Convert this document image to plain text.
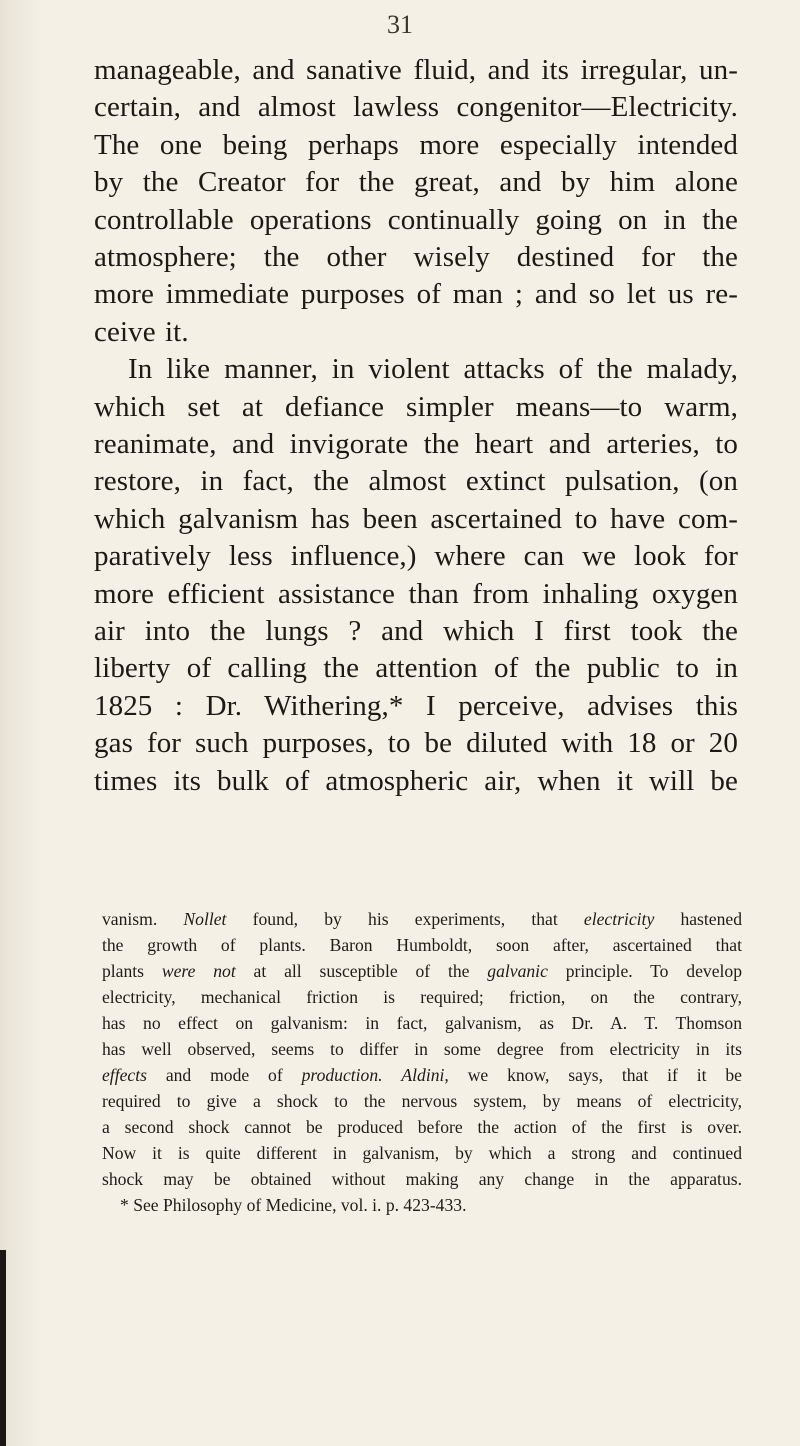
31
manageable, and sanative fluid, and its irregular, un-
certain, and almost lawless congenitor—Electricity.
The one being perhaps more especially intended
by the Creator for the great, and by him alone
controllable operations continually going on in the
atmosphere; the other wisely destined for the
more immediate purposes of man ; and so let us re-
ceive it.
In like manner, in violent attacks of the malady,
which set at defiance simpler means—to warm,
reanimate, and invigorate the heart and arteries, to
restore, in fact, the almost extinct pulsation, (on
which galvanism has been ascertained to have com-
paratively less influence,) where can we look for
more efficient assistance than from inhaling oxygen
air into the lungs ? and which I first took the
liberty of calling the attention of the public to in
1825 : Dr. Withering,* I perceive, advises this
gas for such purposes, to be diluted with 18 or 20
times its bulk of atmospheric air, when it will be
vanism. Nollet found, by his experiments, that electricity hastened
the growth of plants. Baron Humboldt, soon after, ascertained that
plants were not at all susceptible of the galvanic principle. To develop
electricity, mechanical friction is required; friction, on the contrary,
has no effect on galvanism: in fact, galvanism, as Dr. A. T. Thomson
has well observed, seems to differ in some degree from electricity in its
effects and mode of production. Aldini, we know, says, that if it be
required to give a shock to the nervous system, by means of electricity,
a second shock cannot be produced before the action of the first is over.
Now it is quite different in galvanism, by which a strong and continued
shock may be obtained without making any change in the apparatus.
* See Philosophy of Medicine, vol. i. p. 423-433.
